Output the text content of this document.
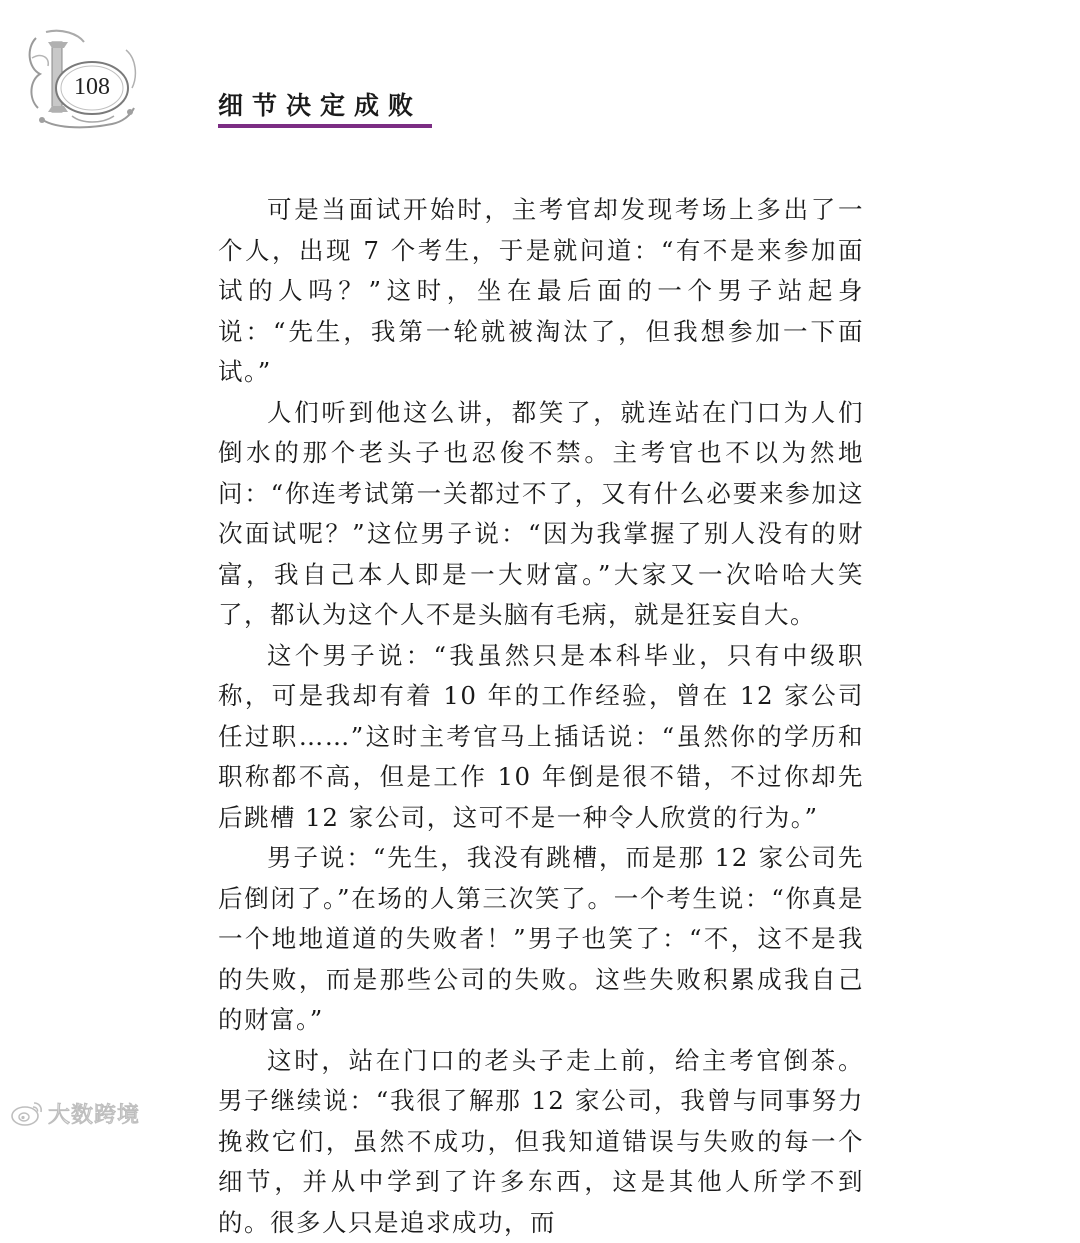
108
细节决定成败

可是当面试开始时，主考官却发现考场上多出了一个人，出现 7 个考生，于是就问道：“有不是来参加面试的人吗？”这时，坐在最后面的一个男子站起身说：“先生，我第一轮就被淘汰了，但我想参加一下面试。”

人们听到他这么讲，都笑了，就连站在门口为人们倒水的那个老头子也忍俊不禁。主考官也不以为然地问：“你连考试第一关都过不了，又有什么必要来参加这次面试呢？”这位男子说：“因为我掌握了别人没有的财富，我自己本人即是一大财富。”大家又一次哈哈大笑了，都认为这个人不是头脑有毛病，就是狂妄自大。

这个男子说：“我虽然只是本科毕业，只有中级职称，可是我却有着 10 年的工作经验，曾在 12 家公司任过职……”这时主考官马上插话说：“虽然你的学历和职称都不高，但是工作 10 年倒是很不错，不过你却先后跳槽 12 家公司，这可不是一种令人欣赏的行为。”

男子说：“先生，我没有跳槽，而是那 12 家公司先后倒闭了。”在场的人第三次笑了。一个考生说：“你真是一个地地道道的失败者！”男子也笑了：“不，这不是我的失败，而是那些公司的失败。这些失败积累成我自己的财富。”

这时，站在门口的老头子走上前，给主考官倒茶。男子继续说：“我很了解那 12 家公司，我曾与同事努力挽救它们，虽然不成功，但我知道错误与失败的每一个细节，并从中学到了许多东西，这是其他人所学不到的。很多人只是追求成功，而

大数跨境
